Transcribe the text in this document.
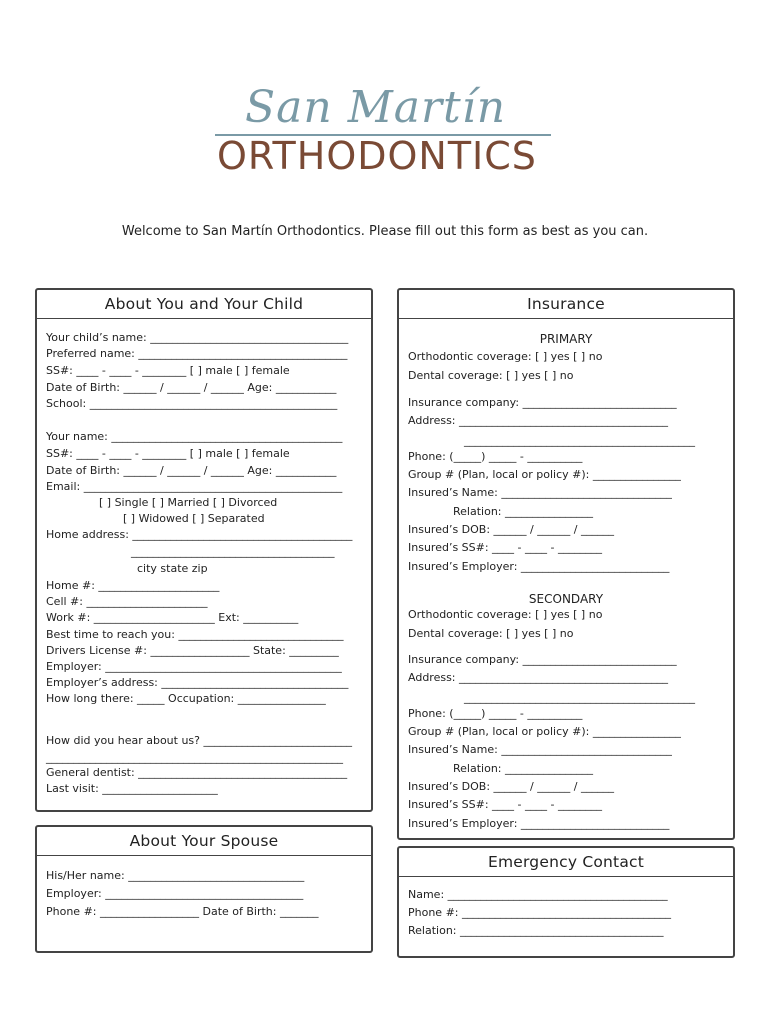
San Martín
ORTHODONTICS
Welcome to San Martín Orthodontics. Please fill out this form as best as you can.
About You and Your Child
Your child’s name: ____________________________________
Preferred name: ______________________________________
SS#: ____ - ____ - ________ [ ] male [ ] female
Date of Birth: ______ / ______ / ______ Age: ___________
School: _____________________________________________
Your name: __________________________________________
SS#: ____ - ____ - ________ [ ] male [ ] female
Date of Birth: ______ / ______ / ______ Age: ___________
Email: _______________________________________________
[ ] Single [ ] Married [ ] Divorced
[ ] Widowed [ ] Separated
Home address: ________________________________________
_____________________________________
city state zip
Home #: ______________________
Cell #: ______________________
Work #: ______________________ Ext: __________
Best time to reach you: ______________________________
Drivers License #: __________________ State: _________
Employer: ___________________________________________
Employer’s address: __________________________________
How long there: _____ Occupation: ________________
How did you hear about us? ___________________________
______________________________________________________
General dentist: ______________________________________
Last visit: _____________________
About Your Spouse
His/Her name: ________________________________
Employer: ____________________________________
Phone #: __________________ Date of Birth: _______
Insurance
PRIMARY
SECONDARY
Orthodontic coverage: [ ] yes [ ] no
Dental coverage: [ ] yes [ ] no
Insurance company: ____________________________
Address: ______________________________________
__________________________________________
Phone: (_____) _____ - __________
Group # (Plan, local or policy #): ________________
Insured’s Name: _______________________________
Relation: ________________
Insured’s DOB: ______ / ______ / ______
Insured’s SS#: ____ - ____ - ________
Insured’s Employer: ___________________________
Orthodontic coverage: [ ] yes [ ] no
Dental coverage: [ ] yes [ ] no
Insurance company: ____________________________
Address: ______________________________________
__________________________________________
Phone: (_____) _____ - __________
Group # (Plan, local or policy #): ________________
Insured’s Name: _______________________________
Relation: ________________
Insured’s DOB: ______ / ______ / ______
Insured’s SS#: ____ - ____ - ________
Insured’s Employer: ___________________________
Emergency Contact
Name: ________________________________________
Phone #: ______________________________________
Relation: _____________________________________
